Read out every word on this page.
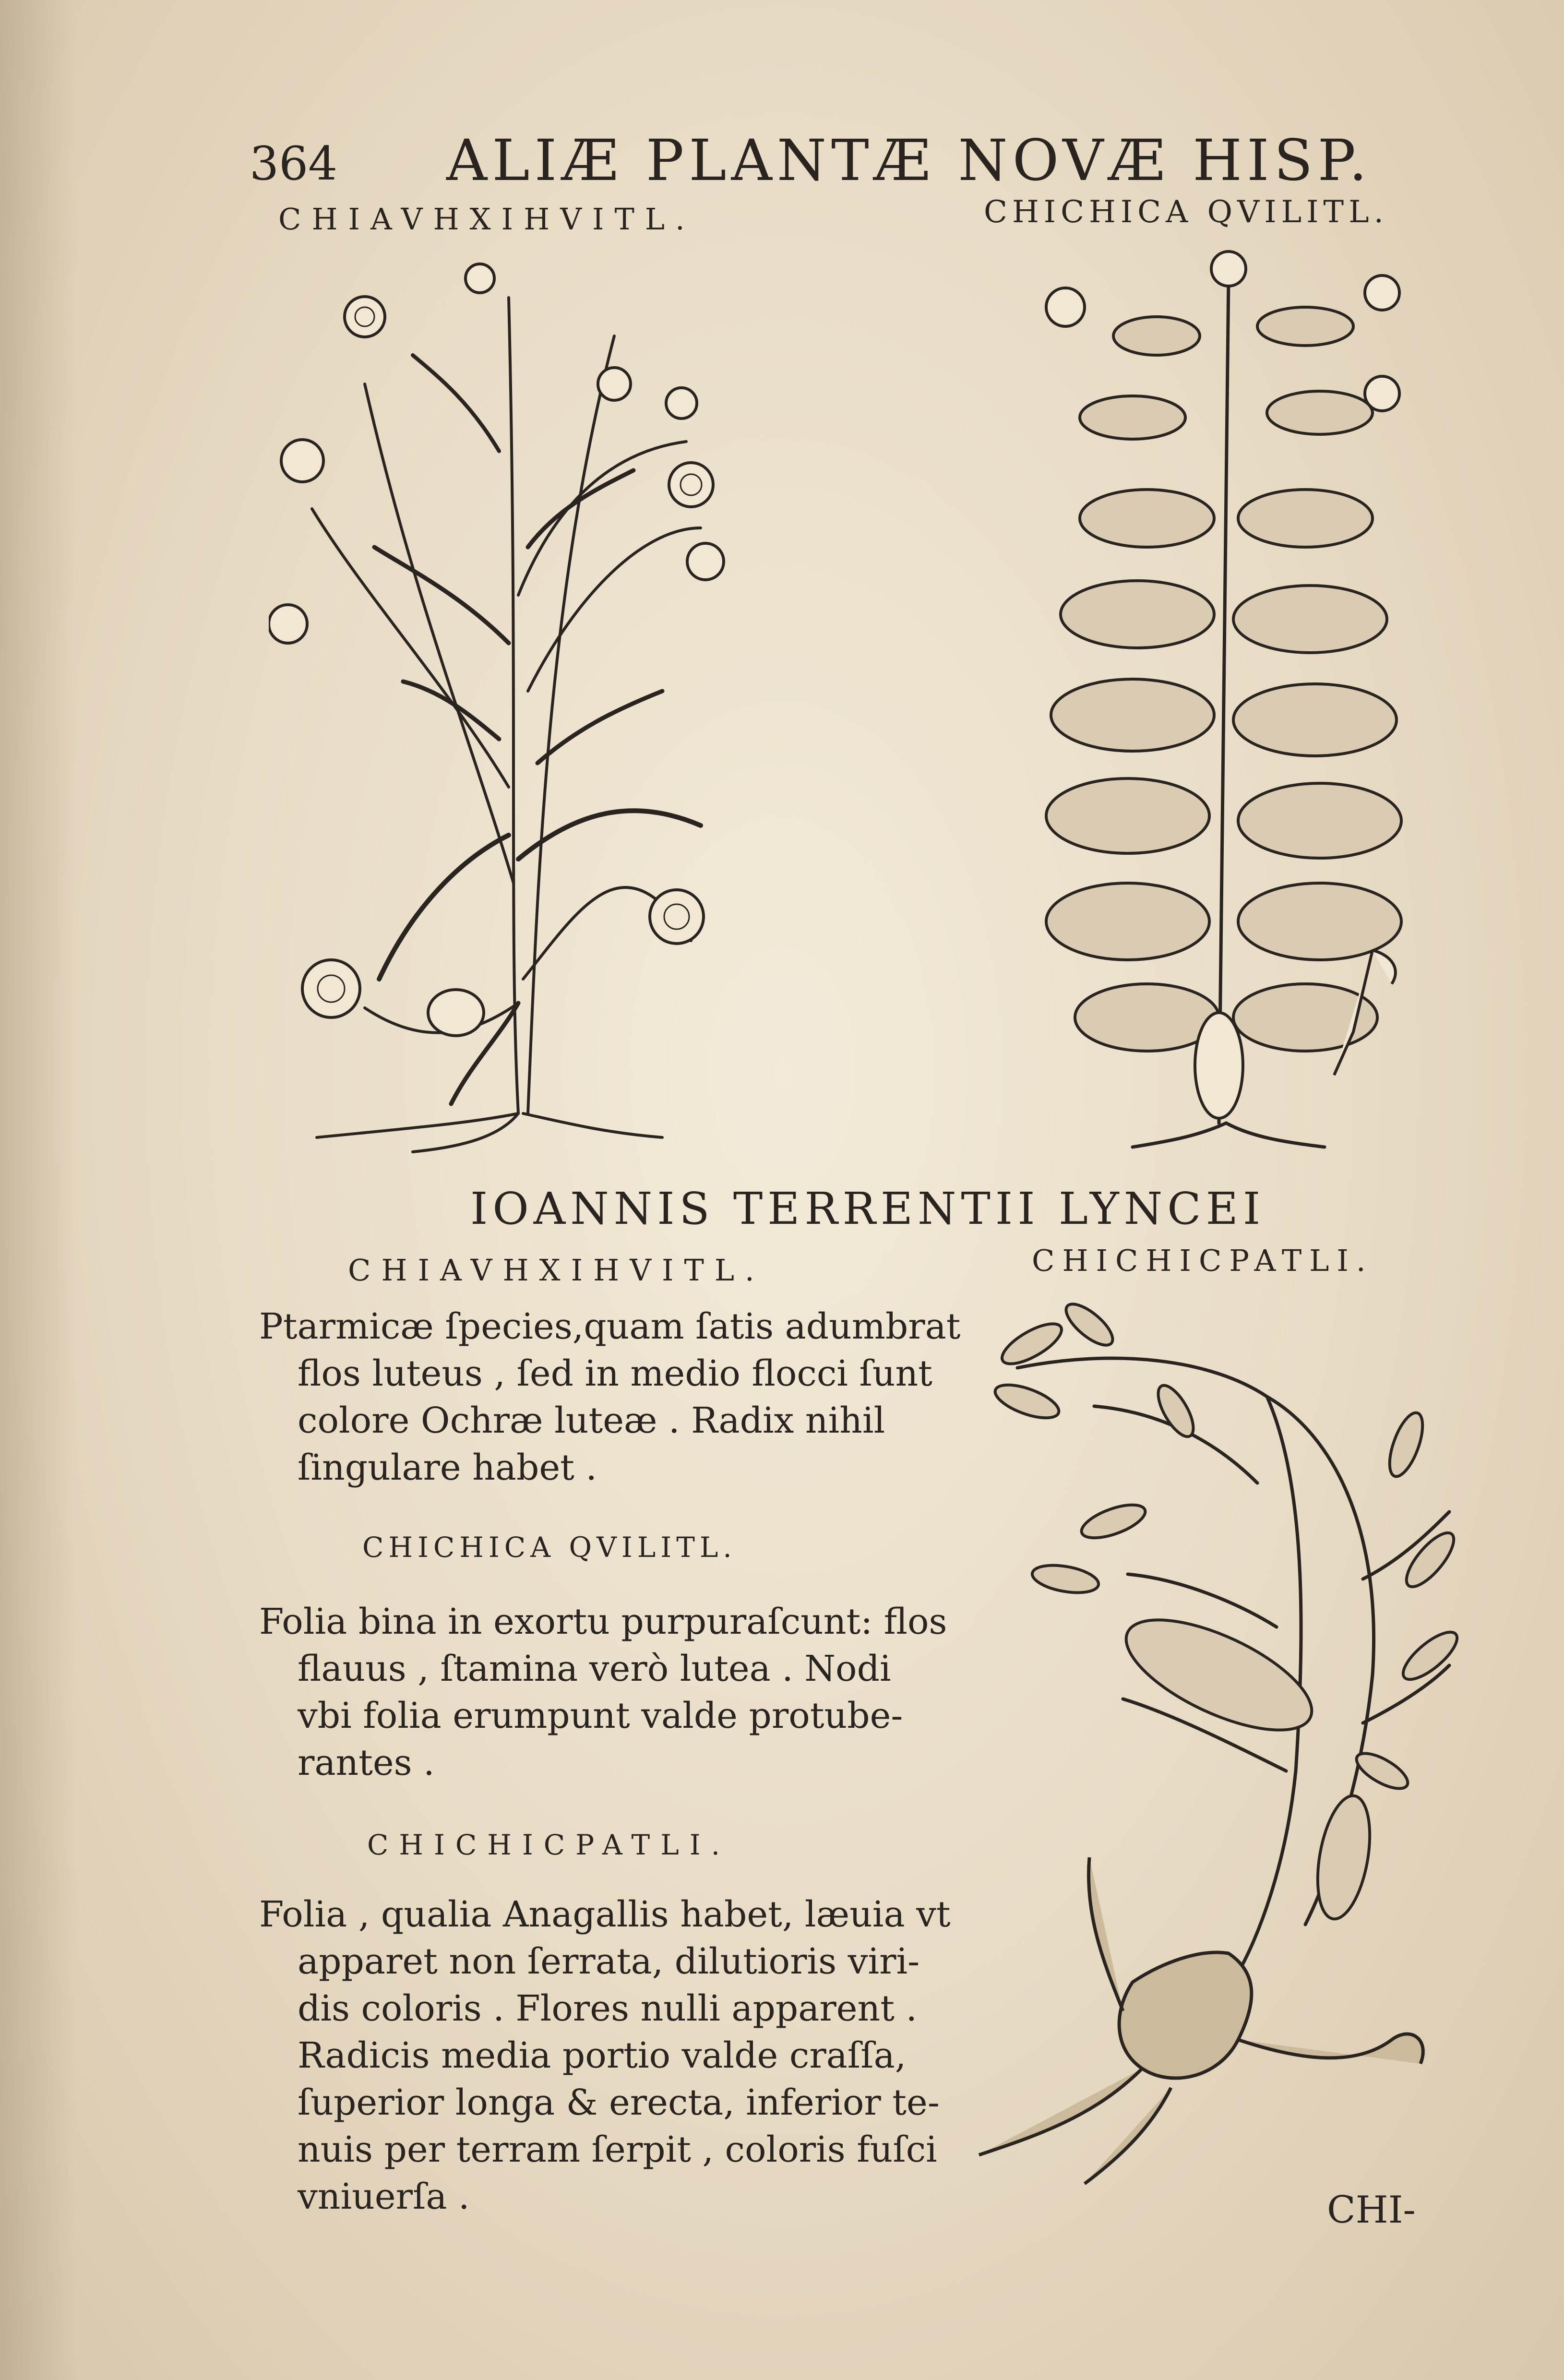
364 ALIÆ PLANTÆ NOVÆ HISP.
CHIAVHXIHVITL.	CHICHICA QVILITL.
IOANNIS TERRENTII LYNCEI
CHIAVHXIHVITL.	CHICHICPATLI.
Ptarmicæ ſpecies,quam ſatis adumbrat
flos luteus , ſed in medio flocci ſunt
colore Ochræ luteæ . Radix nihil
ſingulare habet .
CHICHICA QVILITL.
Folia bina in exortu purpuraſcunt: flos
flauus , ſtamina verò lutea . Nodi
vbi folia erumpunt valde protube-
rantes .
CHICHICPATLI.
Folia , qualia Anagallis habet, læuia vt
apparet non ſerrata, dilutioris viri-
dis coloris . Flores nulli apparent .
Radicis media portio valde craſſa,
ſuperior longa & erecta, inferior te-
nuis per terram ſerpit , coloris fuſci
vniuerſa .	CHI-
